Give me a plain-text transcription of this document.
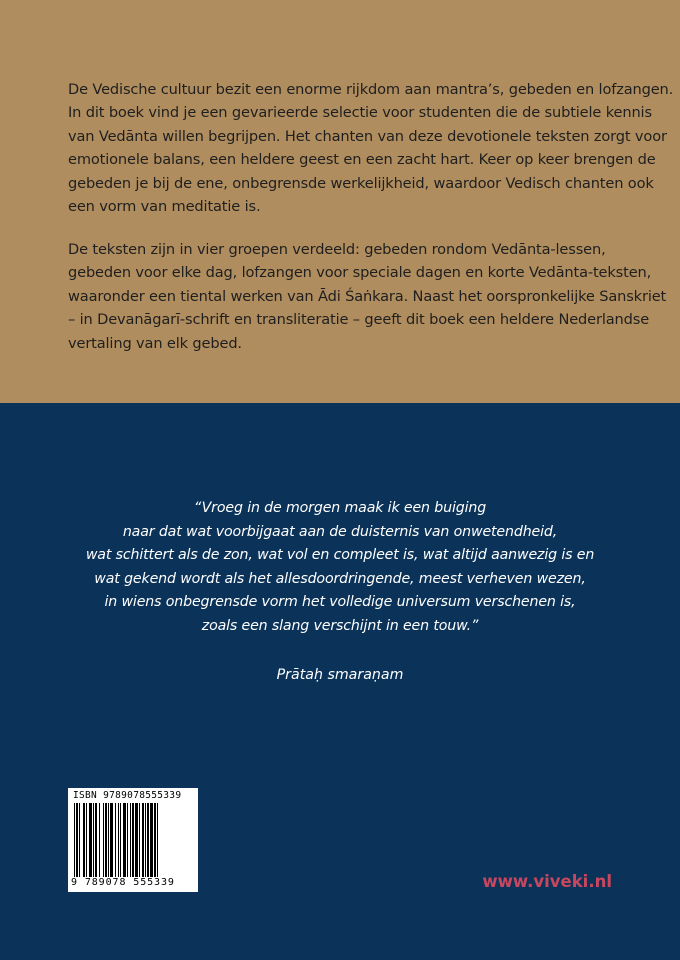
De Vedische cultuur bezit een enorme rijkdom aan mantra’s, gebeden en lofzangen.
In dit boek vind je een gevarieerde selectie voor studenten die de subtiele kennis
van Vedānta willen begrijpen. Het chanten van deze devotionele teksten zorgt voor
emotionele balans, een heldere geest en een zacht hart. Keer op keer brengen de
gebeden je bij de ene, onbegrensde werkelijkheid, waardoor Vedisch chanten ook
een vorm van meditatie is.

De teksten zijn in vier groepen verdeeld: gebeden rondom Vedānta-lessen,
gebeden voor elke dag, lofzangen voor speciale dagen en korte Vedānta-teksten,
waaronder een tiental werken van Ādi Śaṅkara. Naast het oorspronkelijke Sanskriet
– in Devanāgarī-schrift en transliteratie – geeft dit boek een heldere Nederlandse
vertaling van elk gebed.

“Vroeg in de morgen maak ik een buiging
naar dat wat voorbijgaat aan de duisternis van onwetendheid,
wat schittert als de zon, wat vol en compleet is, wat altijd aanwezig is en
wat gekend wordt als het allesdoordringende, meest verheven wezen,
in wiens onbegrensde vorm het volledige universum verschenen is,
zoals een slang verschijnt in een touw.”
Prātaḥ smaraṇam
ISBN 9789078555339
9 789078 555339	www.viveki.nl
